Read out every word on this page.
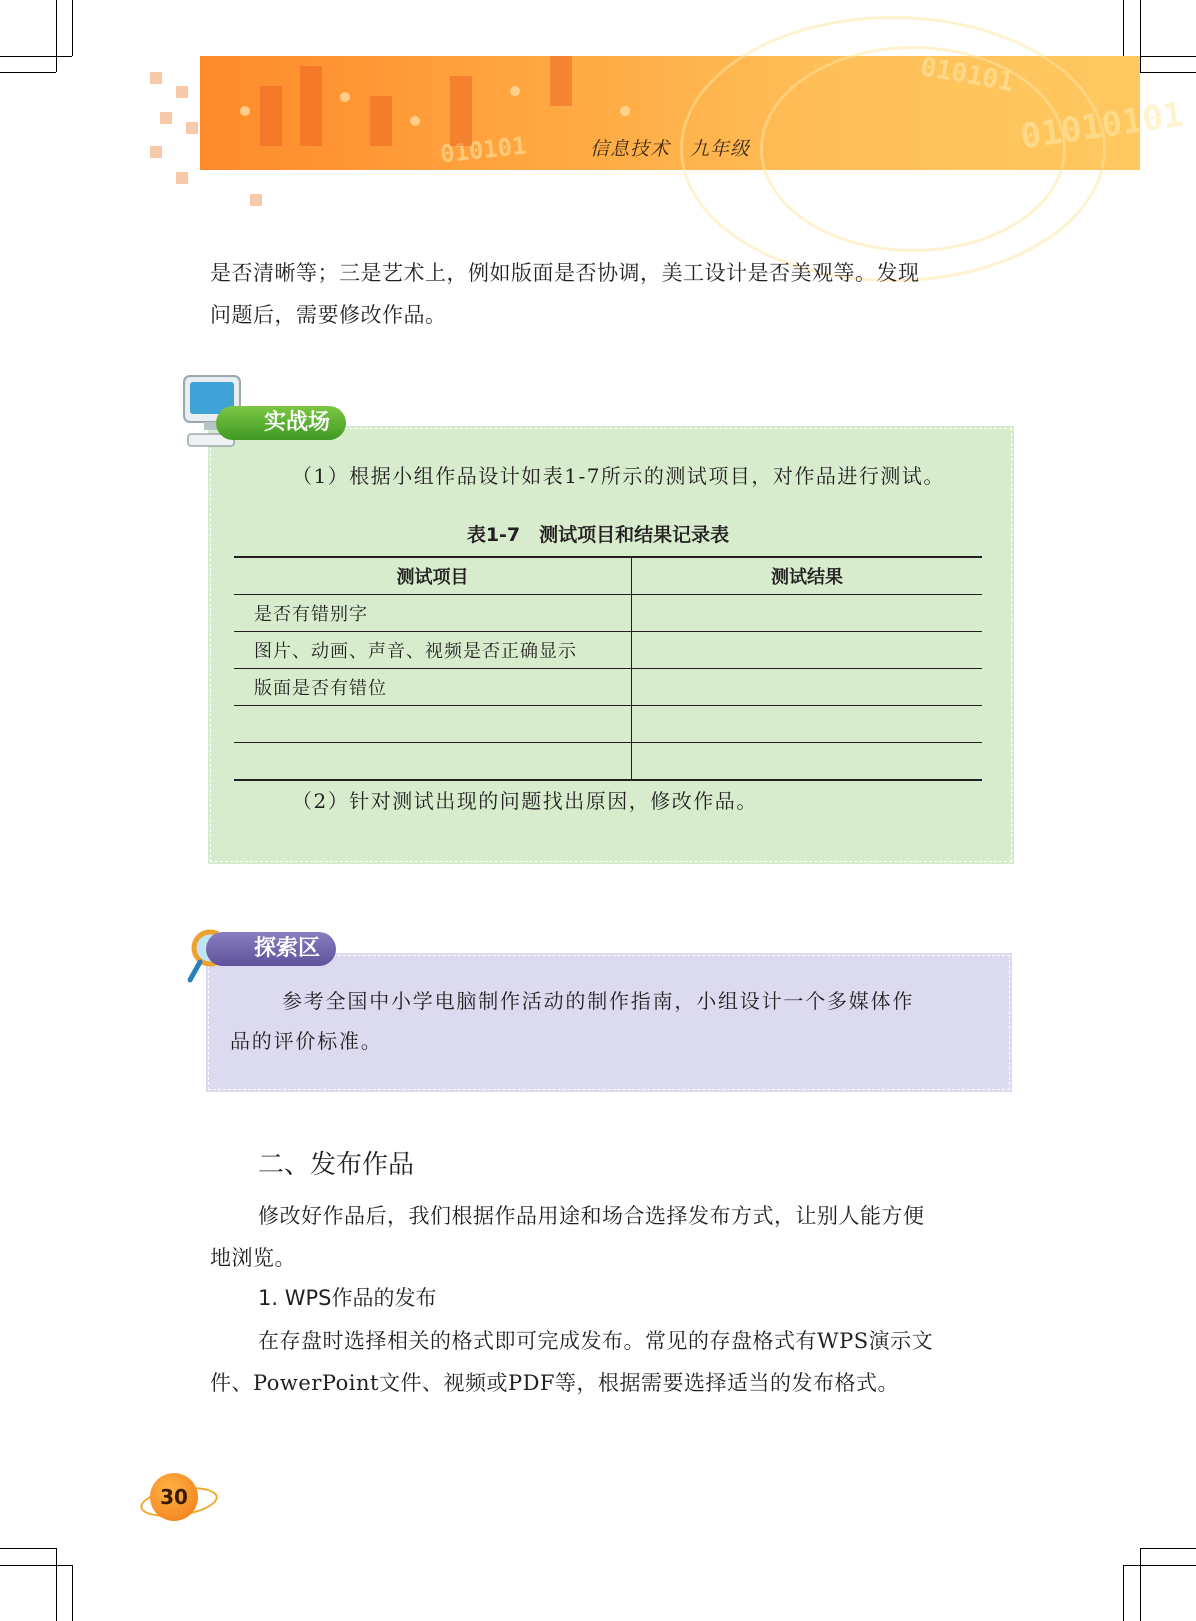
01010101
010101
010101	信息技术　九年级
是否清晰等；三是艺术上，例如版面是否协调，美工设计是否美观等。发现
问题后，需要修改作品。
实战场
（1）根据小组作品设计如表1-7所示的测试项目，对作品进行测试。
表1-7　测试项目和结果记录表
测试项目	测试结果
是否有错别字	
图片、动画、声音、视频是否正确显示	
版面是否有错位	

（2）针对测试出现的问题找出原因，修改作品。
探索区
参考全国中小学电脑制作活动的制作指南，小组设计一个多媒体作
品的评价标准。
二、发布作品
修改好作品后，我们根据作品用途和场合选择发布方式，让别人能方便
地浏览。
1. WPS作品的发布
在存盘时选择相关的格式即可完成发布。常见的存盘格式有WPS演示文
件、PowerPoint文件、视频或PDF等，根据需要选择适当的发布格式。
30
